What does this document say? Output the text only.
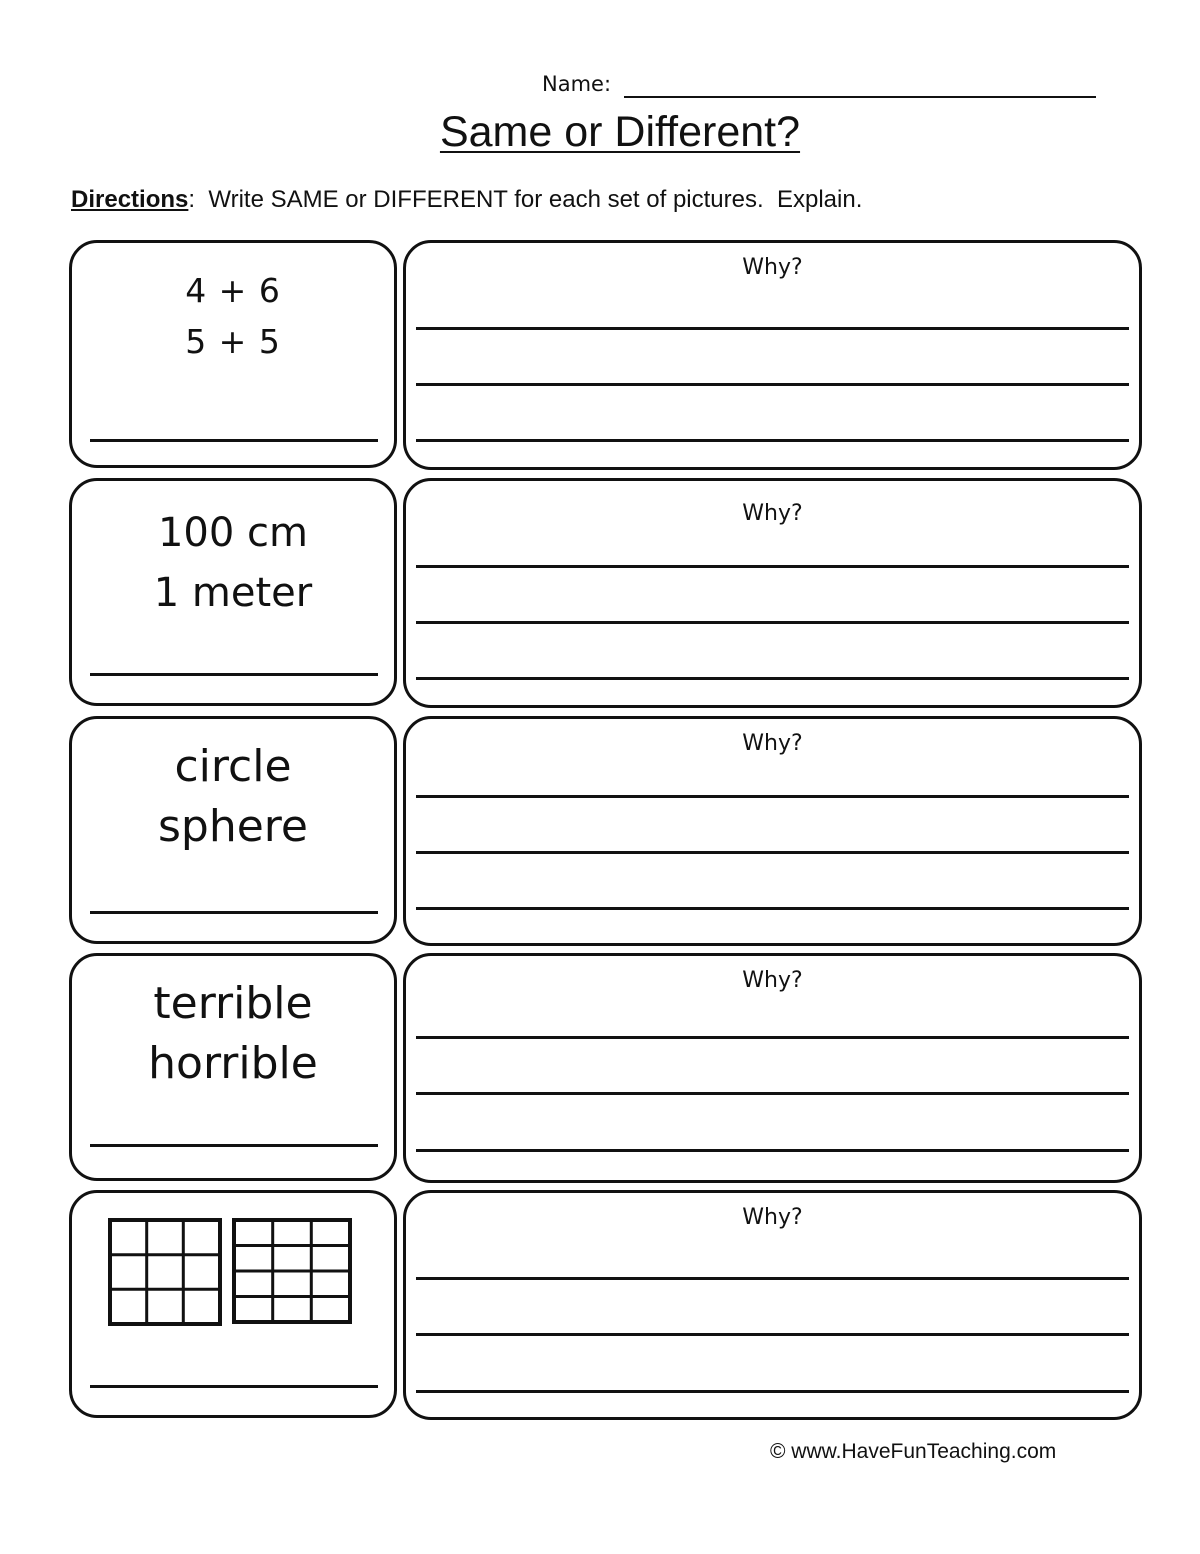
Name:
Same or Different?
Directions:  Write SAME or DIFFERENT for each set of pictures.  Explain.
4 + 6
5 + 5
Why?
100 cm
1 meter
Why?
circle
sphere
Why?
terrible
horrible
Why?
Why?
© www.HaveFunTeaching.com
